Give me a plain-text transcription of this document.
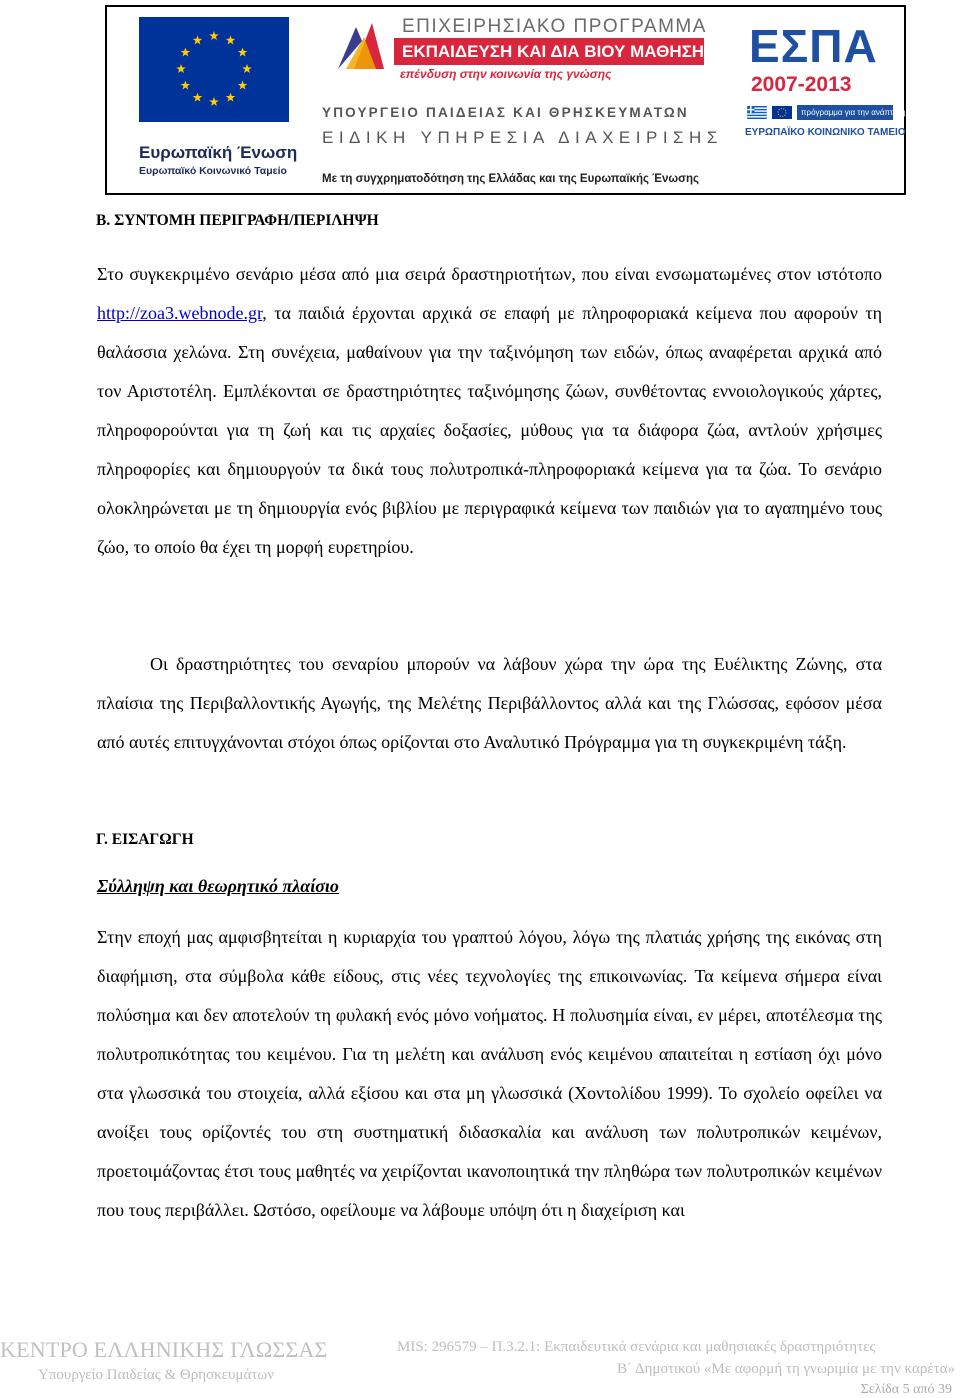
Ευρωπαϊκή Ένωση
Ευρωπαϊκό Κοινωνικό Ταμείο
ΕΠΙΧΕΙΡΗΣΙΑΚΟ ΠΡΟΓΡΑΜΜΑ
ΕΚΠΑΙΔΕΥΣΗ ΚΑΙ ΔΙΑ ΒΙΟΥ ΜΑΘΗΣΗ
επένδυση στην κοινωνία της γνώσης
ΥΠΟΥΡΓΕΙΟ ΠΑΙΔΕΙΑΣ ΚΑΙ ΘΡΗΣΚΕΥΜΑΤΩΝ
ΕΙΔΙΚΗ ΥΠΗΡΕΣΙΑ ΔΙΑΧΕΙΡΙΣΗΣ
Με τη συγχρηματοδότηση της Ελλάδας και της Ευρωπαϊκής Ένωσης
ΕΣΠΑ
2007-2013
πρόγραμμα για την ανάπτυξη
ΕΥΡΩΠΑΪΚΟ ΚΟΙΝΩΝΙΚΟ ΤΑΜΕΙΟ
Β. ΣΥΝΤΟΜΗ ΠΕΡΙΓΡΑΦΗ/ΠΕΡΙΛΗΨΗ
Στο συγκεκριμένο σενάριο μέσα από μια σειρά δραστηριοτήτων, που είναι ενσωματωμένες στον ιστότοπο http://zoa3.webnode.gr, τα παιδιά έρχονται αρχικά σε επαφή με πληροφοριακά κείμενα που αφορούν τη θαλάσσια χελώνα. Στη συνέχεια, μαθαίνουν για την ταξινόμηση των ειδών, όπως αναφέρεται αρχικά από τον Αριστοτέλη. Εμπλέκονται σε δραστηριότητες ταξινόμησης ζώων, συνθέτοντας εννοιολογικούς χάρτες, πληροφορούνται για τη ζωή και τις αρχαίες δοξασίες, μύθους για τα διάφορα ζώα, αντλούν χρήσιμες πληροφορίες και δημιουργούν τα δικά τους πολυτροπικά-πληροφοριακά κείμενα για τα ζώα. Το σενάριο ολοκληρώνεται με τη δημιουργία ενός βιβλίου με περιγραφικά κείμενα των παιδιών για το αγαπημένο τους ζώο, το οποίο θα έχει τη μορφή ευρετηρίου.
Οι δραστηριότητες του σεναρίου μπορούν να λάβουν χώρα την ώρα της Ευέλικτης Ζώνης, στα πλαίσια της Περιβαλλοντικής Αγωγής, της Μελέτης Περιβάλλοντος αλλά και της Γλώσσας, εφόσον μέσα από αυτές επιτυγχάνονται στόχοι όπως ορίζονται στο Αναλυτικό Πρόγραμμα για τη συγκεκριμένη τάξη.
Γ. ΕΙΣΑΓΩΓΗ
Σύλληψη και θεωρητικό πλαίσιο
Στην εποχή μας αμφισβητείται η κυριαρχία του γραπτού λόγου, λόγω της πλατιάς χρήσης της εικόνας στη διαφήμιση, στα σύμβολα κάθε είδους, στις νέες τεχνολογίες της επικοινωνίας. Τα κείμενα σήμερα είναι πολύσημα και δεν αποτελούν τη φυλακή ενός μόνο νοήματος. Η πολυσημία είναι, εν μέρει, αποτέλεσμα της πολυτροπικότητας του κειμένου. Για τη μελέτη και ανάλυση ενός κειμένου απαιτείται η εστίαση όχι μόνο στα γλωσσικά του στοιχεία, αλλά εξίσου και στα μη γλωσσικά (Χοντολίδου 1999). Το σχολείο οφείλει να ανοίξει τους ορίζοντές του στη συστηματική διδασκαλία και ανάλυση των πολυτροπικών κειμένων, προετοιμάζοντας έτσι τους μαθητές να χειρίζονται ικανοποιητικά την πληθώρα των πολυτροπικών κειμένων που τους περιβάλλει. Ωστόσο, οφείλουμε να λάβουμε υπόψη ότι η διαχείριση και
ΚΕΝΤΡΟ ΕΛΛΗΝΙΚΗΣ ΓΛΩΣΣΑΣ
Υπουργείο Παιδείας & Θρησκευμάτων
MIS: 296579 – Π.3.2.1: Εκπαιδευτικά σενάρια και μαθησιακές δραστηριότητες
Β΄ Δημοτικού «Με αφορμή τη γνωριμία με την καρέτα»
Σελίδα 5 από 39
